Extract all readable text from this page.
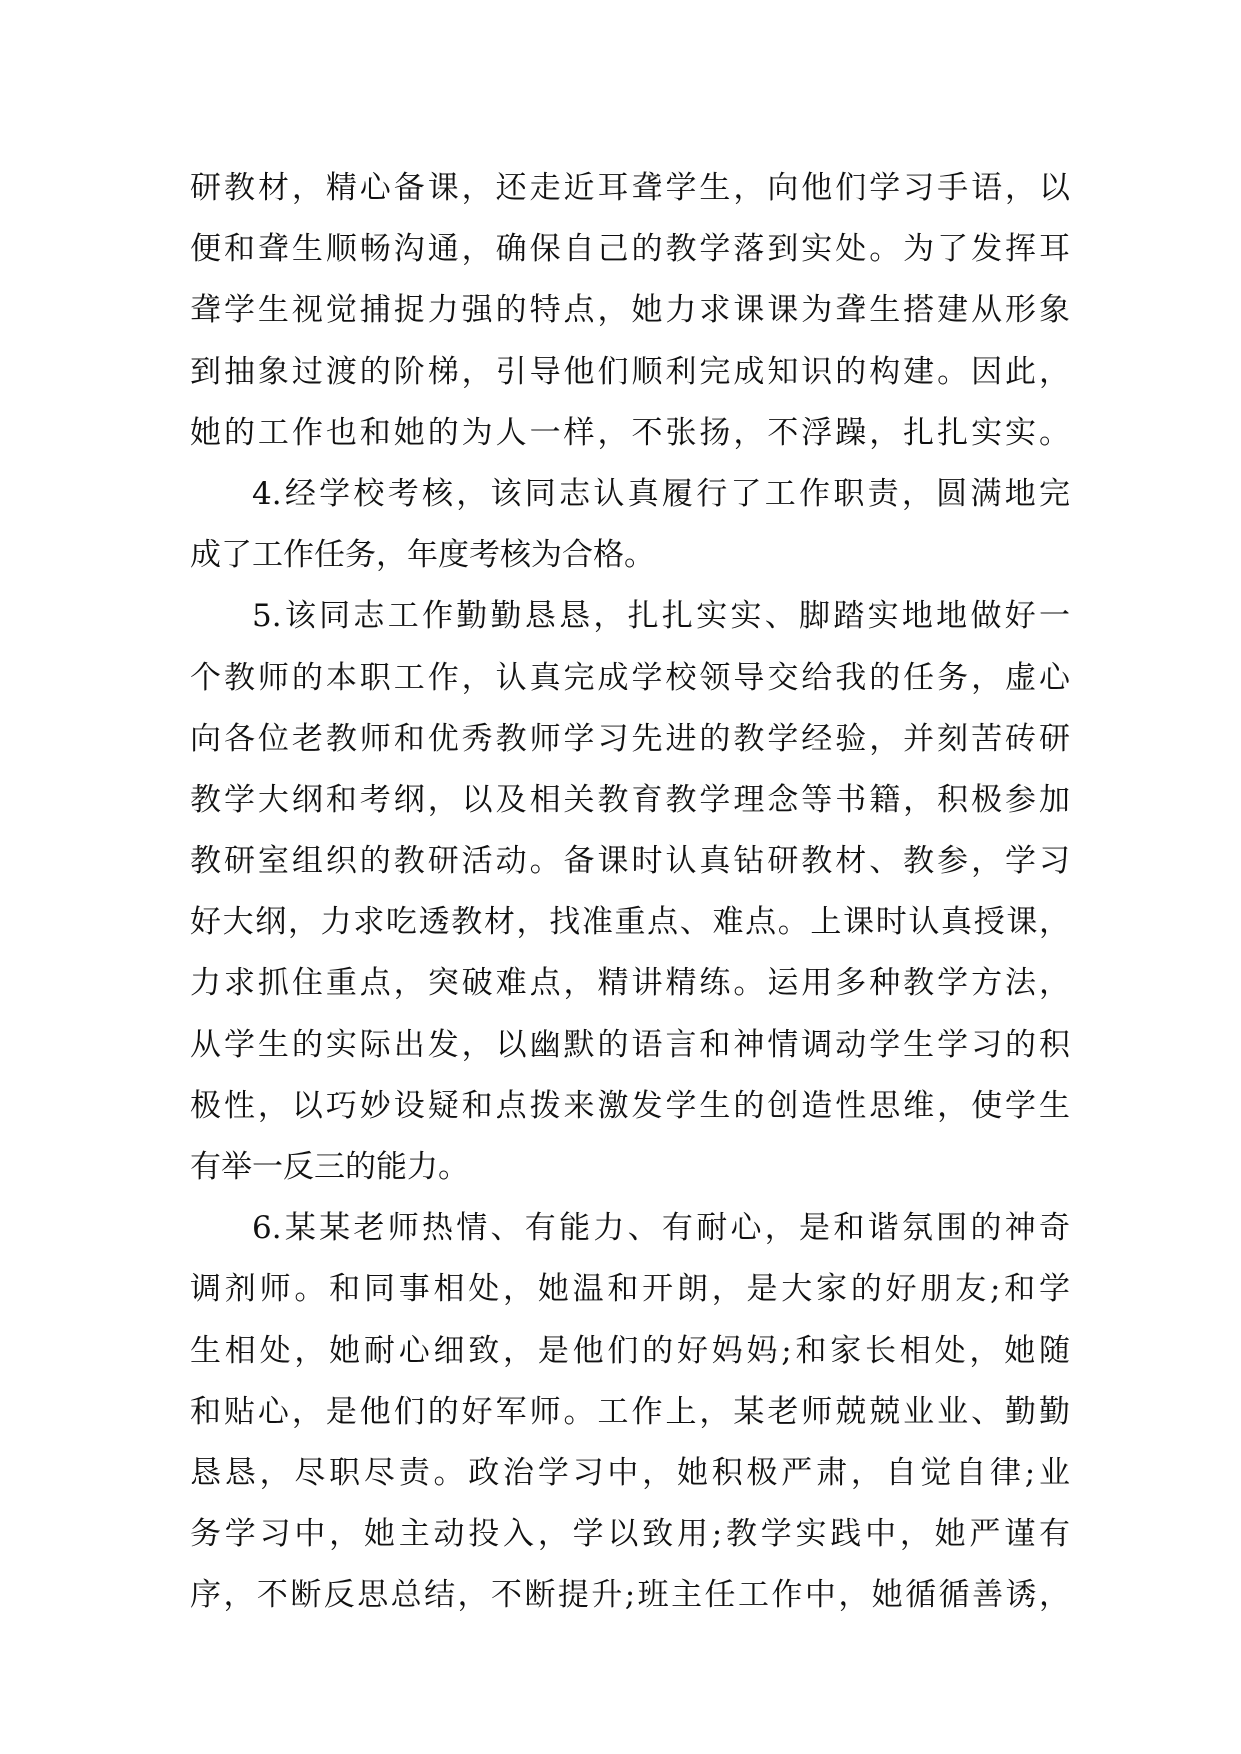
研教材，精心备课，还走近耳聋学生，向他们学习手语，以
便和聋生顺畅沟通，确保自己的教学落到实处。为了发挥耳
聋学生视觉捕捉力强的特点，她力求课课为聋生搭建从形象
到抽象过渡的阶梯，引导他们顺利完成知识的构建。因此，
她的工作也和她的为人一样，不张扬，不浮躁，扎扎实实。
4.经学校考核，该同志认真履行了工作职责，圆满地完
成了工作任务，年度考核为合格。
5.该同志工作勤勤恳恳，扎扎实实、脚踏实地地做好一
个教师的本职工作，认真完成学校领导交给我的任务，虚心
向各位老教师和优秀教师学习先进的教学经验，并刻苦砖研
教学大纲和考纲，以及相关教育教学理念等书籍，积极参加
教研室组织的教研活动。备课时认真钻研教材、教参，学习
好大纲，力求吃透教材，找准重点、难点。上课时认真授课，
力求抓住重点，突破难点，精讲精练。运用多种教学方法，
从学生的实际出发，以幽默的语言和神情调动学生学习的积
极性，以巧妙设疑和点拨来激发学生的创造性思维，使学生
有举一反三的能力。
6.某某老师热情、有能力、有耐心，是和谐氛围的神奇
调剂师。和同事相处，她温和开朗，是大家的好朋友;和学
生相处，她耐心细致，是他们的好妈妈;和家长相处，她随
和贴心，是他们的好军师。工作上，某老师兢兢业业、勤勤
恳恳，尽职尽责。政治学习中，她积极严肃，自觉自律;业
务学习中，她主动投入，学以致用;教学实践中，她严谨有
序，不断反思总结，不断提升;班主任工作中，她循循善诱，
